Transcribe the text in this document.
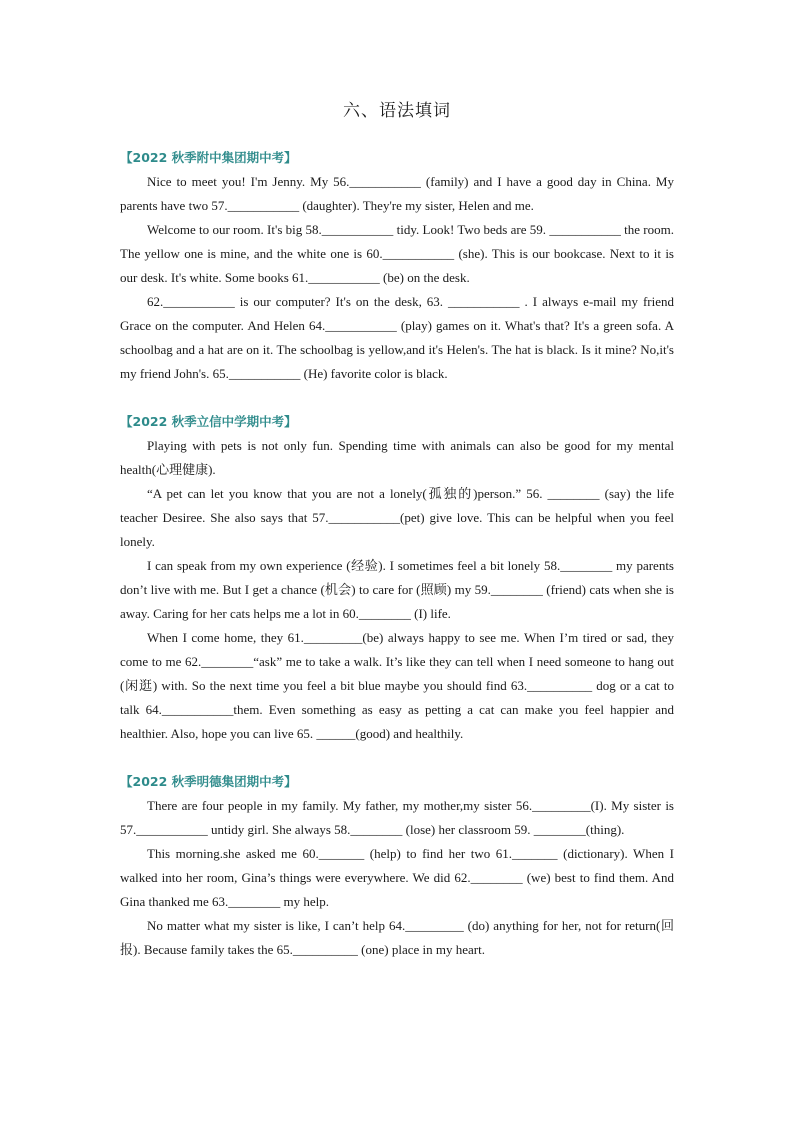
六、语法填词
【2022 秋季附中集团期中考】

Nice to meet you! I'm Jenny. My 56.___________ (family) and I have a good day in China. My parents have two 57.___________ (daughter). They're my sister, Helen and me.

Welcome to our room. It's big 58.___________ tidy. Look! Two beds are 59. ___________ the room. The yellow one is mine, and the white one is 60.___________ (she). This is our bookcase. Next to it is our desk. It's white. Some books 61.___________ (be) on the desk.

62.___________ is our computer? It's on the desk, 63. ___________ . I always e-mail my friend Grace on the computer. And Helen 64.___________ (play) games on it. What's that? It's a green sofa. A schoolbag and a hat are on it. The schoolbag is yellow,and it's Helen's. The hat is black. Is it mine? No,it's my friend John's. 65.___________ (He) favorite color is black.

【2022 秋季立信中学期中考】

Playing with pets is not only fun. Spending time with animals can also be good for my mental health(心理健康).

“A pet can let you know that you are not a lonely(孤独的)person.” 56. ________ (say) the life teacher Desiree. She also says that 57.___________(pet) give love. This can be helpful when you feel lonely.

I can speak from my own experience (经验). I sometimes feel a bit lonely 58.________ my parents don’t live with me. But I get a chance (机会) to care for (照顾) my 59.________ (friend) cats when she is away. Caring for her cats helps me a lot in 60.________ (I) life.

When I come home, they 61._________(be) always happy to see me. When I’m tired or sad, they come to me 62.________“ask” me to take a walk. It’s like they can tell when I need someone to hang out (闲逛) with. So the next time you feel a bit blue maybe you should find 63.__________ dog or a cat to talk 64.___________them. Even something as easy as petting a cat can make you feel happier and healthier. Also, hope you can live 65. ______(good) and healthily.

【2022 秋季明德集团期中考】

There are four people in my family. My father, my mother,my sister 56._________(I). My sister is 57.___________ untidy girl. She always 58.________ (lose) her classroom 59. ________(thing).

This morning.she asked me 60._______ (help) to find her two 61._______ (dictionary). When I walked into her room, Gina’s things were everywhere. We did 62.________ (we) best to find them. And Gina thanked me 63.________ my help.

No matter what my sister is like, I can’t help 64._________ (do) anything for her, not for return(回报). Because family takes the 65.__________ (one) place in my heart.
